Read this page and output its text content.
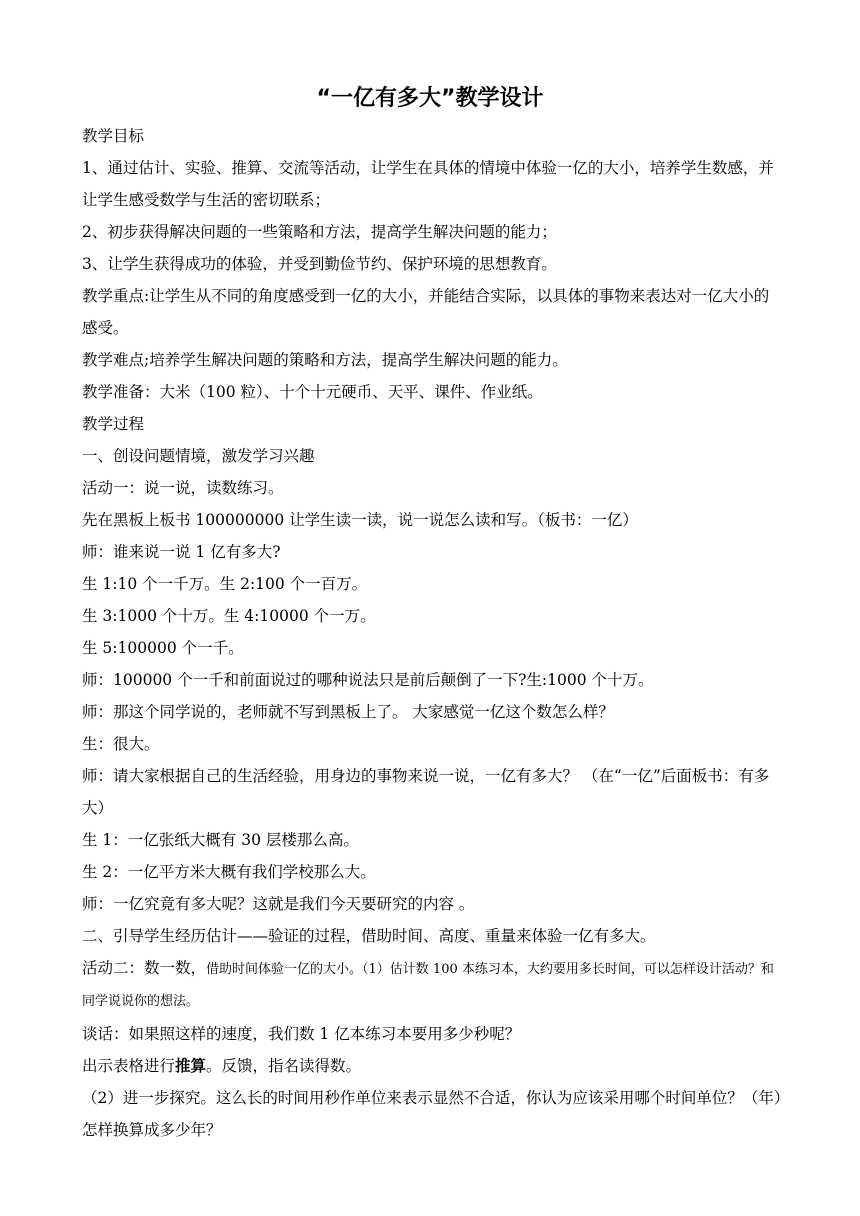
“一亿有多大”教学设计

教学目标

1、通过估计、实验、推算、交流等活动，让学生在具体的情境中体验一亿的大小，培养学生数感，并让学生感受数学与生活的密切联系；

2、初步获得解决问题的一些策略和方法，提高学生解决问题的能力；

3、让学生获得成功的体验，并受到勤俭节约、保护环境的思想教育。

教学重点:让学生从不同的角度感受到一亿的大小，并能结合实际，以具体的事物来表达对一亿大小的感受。

教学难点;培养学生解决问题的策略和方法，提高学生解决问题的能力。

教学准备：大米（100 粒）、十个十元硬币、天平、课件、作业纸。

教学过程

一、创设问题情境，激发学习兴趣

活动一：说一说，读数练习。

先在黑板上板书 100000000 让学生读一读，说一说怎么读和写。（板书：一亿）

师：谁来说一说 1 亿有多大?

生 1:10 个一千万。生 2:100 个一百万。

生 3:1000 个十万。生 4:10000 个一万。

生 5:100000 个一千。

师：100000 个一千和前面说过的哪种说法只是前后颠倒了一下?生:1000 个十万。

师：那这个同学说的，老师就不写到黑板上了。 大家感觉一亿这个数怎么样？

生：很大。

师：请大家根据自己的生活经验，用身边的事物来说一说，一亿有多大？ （在“一亿”后面板书：有多大）

生 1：一亿张纸大概有 30 层楼那么高。

生 2：一亿平方米大概有我们学校那么大。

师：一亿究竟有多大呢？这就是我们今天要研究的内容 。

二、引导学生经历估计——验证的过程，借助时间、高度、重量来体验一亿有多大。

活动二：数一数，借助时间体验一亿的大小。（1）估计数 100 本练习本，大约要用多长时间，可以怎样设计活动？和同学说说你的想法。

谈话：如果照这样的速度，我们数 1 亿本练习本要用多少秒呢？

出示表格进行推算。反馈，指名读得数。

（2）进一步探究。这么长的时间用秒作单位来表示显然不合适，你认为应该采用哪个时间单位？（年）怎样换算成多少年？
